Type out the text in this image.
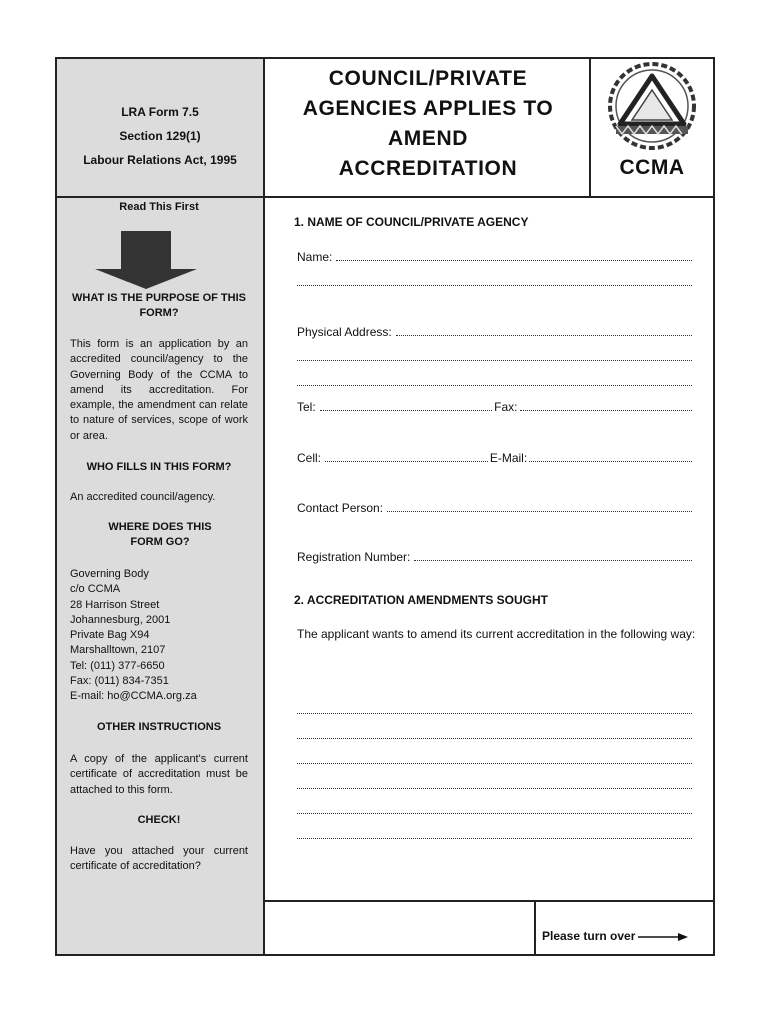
LRA Form 7.5
Section 129(1)
Labour Relations Act, 1995
COUNCIL/PRIVATE
AGENCIES APPLIES TO
AMEND
ACCREDITATION	CCMA
Read This First
WHAT IS THE PURPOSE OF THIS FORM?
This form is an application by an accredited council/agency to the Governing Body of the CCMA to amend its accreditation. For example, the amendment can relate to nature of services, scope of work or area.
WHO FILLS IN THIS FORM?
An accredited council/agency.
WHERE DOES THIS FORM GO?
Governing Body
c/o CCMA
28 Harrison Street
Johannesburg, 2001
Private Bag X94
Marshalltown, 2107
Tel: (011) 377-6650
Fax: (011) 834-7351
E-mail: ho@CCMA.org.za
OTHER INSTRUCTIONS
A copy of the applicant's current certificate of accreditation must be attached to this form.
CHECK!
Have you attached your current certificate of accreditation?
1. NAME OF COUNCIL/PRIVATE AGENCY
Name:
Physical Address:
Tel:	Fax:
Cell:	E-Mail:
Contact Person:
Registration Number:
2. ACCREDITATION AMENDMENTS SOUGHT
The applicant wants to amend its current accreditation in the following way:
Please turn over
